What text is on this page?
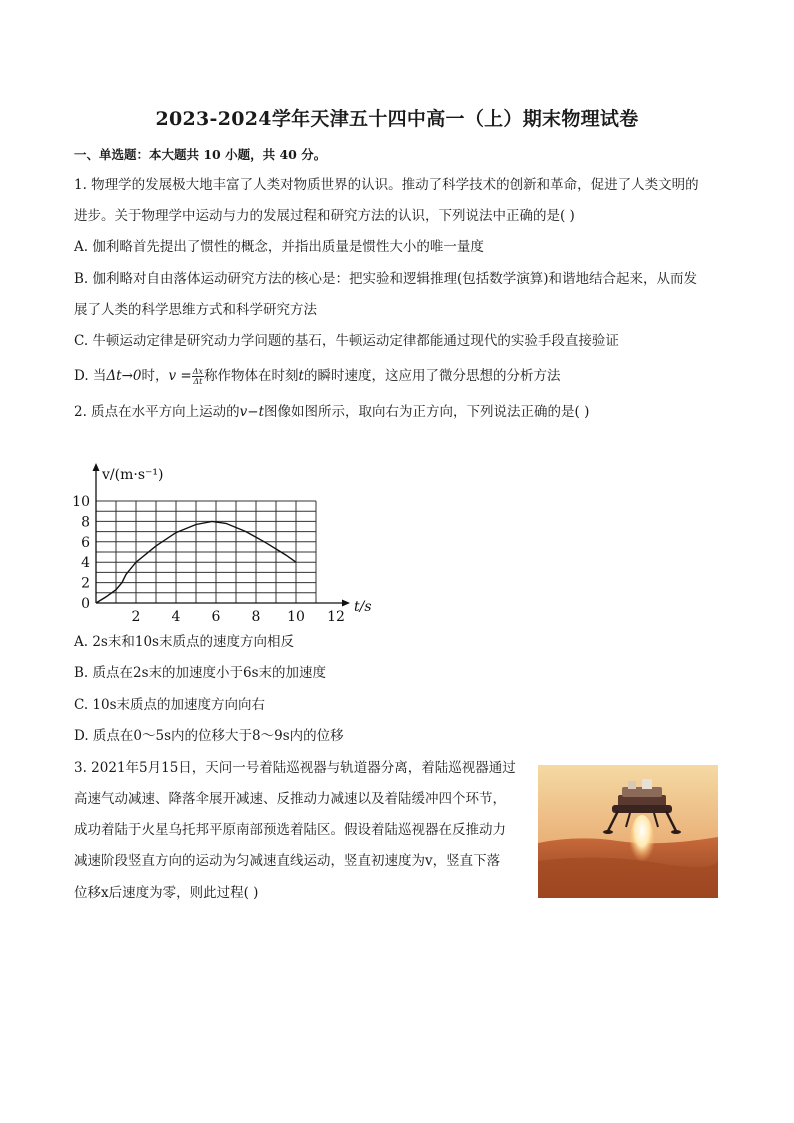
2023-2024学年天津五十四中高一（上）期末物理试卷
一、单选题：本大题共 10 小题，共 40 分。
1. 物理学的发展极大地丰富了人类对物质世界的认识。推动了科学技术的创新和革命，促进了人类文明的
进步。关于物理学中运动与力的发展过程和研究方法的认识，下列说法中正确的是( )
A. 伽利略首先提出了惯性的概念，并指出质量是惯性大小的唯一量度
B. 伽利略对自由落体运动研究方法的核心是：把实验和逻辑推理(包括数学演算)和谐地结合起来，从而发
展了人类的科学思维方式和科学研究方法
C. 牛顿运动定律是研究动力学问题的基石，牛顿运动定律都能通过现代的实验手段直接验证
D. 当Δt→0时，$v = \frac{\Delta x}{\Delta t}$ 称作物体在时刻t的瞬时速度，这应用了微分思想的分析方法
2. 质点在水平方向上运动的v−t图像如图所示，取向右为正方向，下列说法正确的是( )
2 4 6 8 10 12
0
2
4
6
8
10
t/s
v/(m·s⁻¹)
A. 2s末和10s末质点的速度方向相反
B. 质点在2s末的加速度小于6s末的加速度
C. 10s末质点的加速度方向向右
D. 质点在0～5s内的位移大于8～9s内的位移
3. 2021年5月15日，天问一号着陆巡视器与轨道器分离，着陆巡视器通过
高速气动减速、降落伞展开减速、反推动力减速以及着陆缓冲四个环节，
成功着陆于火星乌托邦平原南部预选着陆区。假设着陆巡视器在反推动力
减速阶段竖直方向的运动为匀减速直线运动，竖直初速度为v，竖直下落
位移x后速度为零，则此过程( )
